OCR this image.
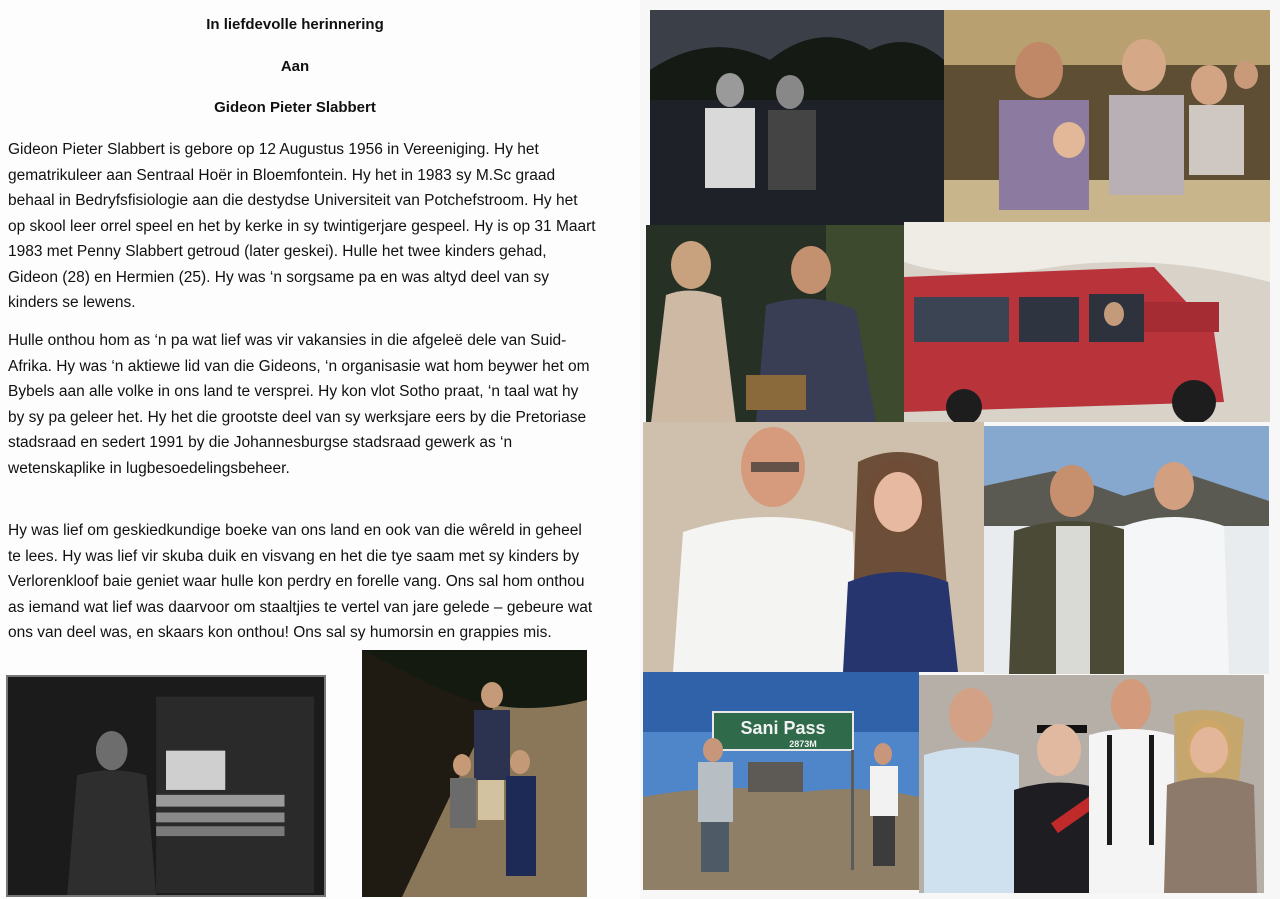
In liefdevolle herinnering
Aan
Gideon Pieter Slabbert

Gideon Pieter Slabbert is gebore op 12 Augustus 1956 in Vereeniging. Hy het gematrikuleer aan Sentraal Hoër in Bloemfontein. Hy het in 1983 sy M.Sc graad behaal in Bedryfsfisiologie aan die destydse Universiteit van Potchefstroom. Hy het op skool leer orrel speel en het by kerke in sy twintigerjare gespeel. Hy is op 31 Maart 1983 met Penny Slabbert getroud (later geskei). Hulle het twee kinders gehad, Gideon (28) en Hermien (25). Hy was ‘n sorgsame pa en was altyd deel van sy kinders se lewens.

Hulle onthou hom as ‘n pa wat lief was vir vakansies in die afgeleë dele van Suid-Afrika. Hy was ‘n aktiewe lid van die Gideons, ‘n organisasie wat hom beywer het om Bybels aan alle volke in ons land te versprei. Hy kon vlot Sotho praat, ‘n taal wat hy by sy pa geleer het. Hy het die grootste deel van sy werksjare eers by die Pretoriase stadsraad en sedert 1991 by die Johannesburgse stadsraad gewerk as ‘n wetenskaplike in lugbesoedelingsbeheer.

Hy was lief om geskiedkundige boeke van ons land en ook van die wêreld in geheel te lees. Hy was lief vir skuba duik en visvang en het die tye saam met sy kinders by Verlorenkloof baie geniet waar hulle kon perdry en forelle vang. Ons sal hom onthou as iemand wat lief was daarvoor om staaltjies te vertel van jare gelede – gebeure wat ons van deel was, en skaars kon onthou! Ons sal sy humorsin en grappies mis.

Sani Pass
2873M
